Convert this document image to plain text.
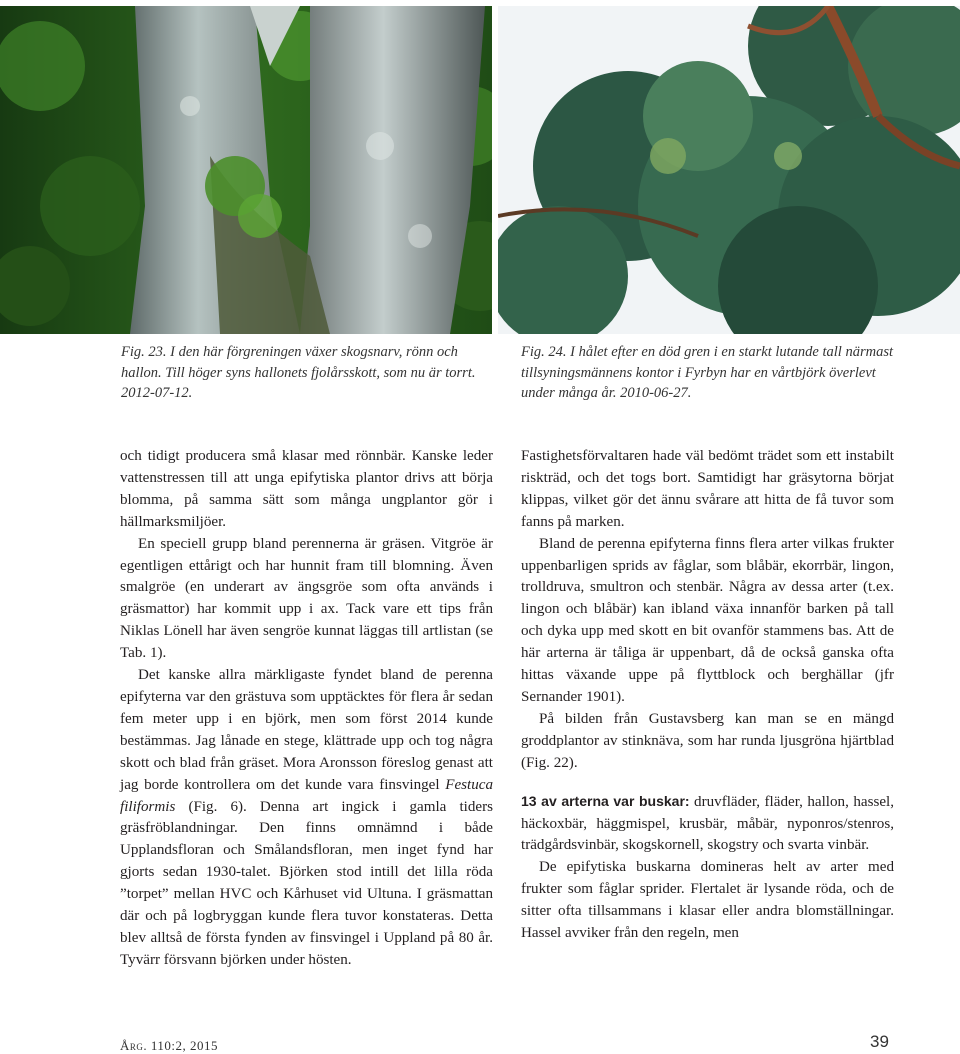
Fig. 23. I den här förgreningen växer skogsnarv, rönn och hallon. Till höger syns hallonets fjolårsskott, som nu är torrt. 2012-07-12.
Fig. 24. I hålet efter en död gren i en starkt lutande tall närmast tillsyningsmännens kontor i Fyrbyn har en vårtbjörk överlevt under många år. 2010-06-27.

och tidigt producera små klasar med rönnbär. Kanske leder vattenstressen till att unga epifytiska plantor drivs att börja blomma, på samma sätt som många ungplantor gör i hällmarksmiljöer.

En speciell grupp bland perennerna är gräsen. Vitgröe är egentligen ettårigt och har hunnit fram till blomning. Även smalgröe (en underart av ängsgröe som ofta används i gräsmattor) har kommit upp i ax. Tack vare ett tips från Niklas Lönell har även sengröe kunnat läggas till artlistan (se Tab. 1).

Det kanske allra märkligaste fyndet bland de perenna epifyterna var den grästuva som upptäcktes för flera år sedan fem meter upp i en björk, men som först 2014 kunde bestämmas. Jag lånade en stege, klättrade upp och tog några skott och blad från gräset. Mora Aronsson föreslog genast att jag borde kontrollera om det kunde vara finsvingel Festuca filiformis (Fig. 6). Denna art ingick i gamla tiders gräsfröblandningar. Den finns omnämnd i både Upplandsfloran och Smålandsfloran, men inget fynd har gjorts sedan 1930-talet. Björken stod intill det lilla röda ”torpet” mellan HVC och Kårhuset vid Ultuna. I gräsmattan där och på logbryggan kunde flera tuvor konstateras. Detta blev alltså de första fynden av finsvingel i Uppland på 80 år. Tyvärr försvann björken under hösten.

Fastighetsförvaltaren hade väl bedömt trädet som ett instabilt riskträd, och det togs bort. Samtidigt har gräsytorna börjat klippas, vilket gör det ännu svårare att hitta de få tuvor som fanns på marken.

Bland de perenna epifyterna finns flera arter vilkas frukter uppenbarligen sprids av fåglar, som blåbär, ekorrbär, lingon, trolldruva, smultron och stenbär. Några av dessa arter (t.ex. lingon och blåbär) kan ibland växa innanför barken på tall och dyka upp med skott en bit ovanför stammens bas. Att de här arterna är tåliga är uppenbart, då de också ganska ofta hittas växande uppe på flyttblock och berghällar (jfr Sernander 1901).

På bilden från Gustavsberg kan man se en mängd groddplantor av stinknäva, som har runda ljusgröna hjärtblad (Fig. 22).

13 av arterna var buskar: druvfläder, fläder, hallon, hassel, häckoxbär, häggmispel, krusbär, måbär, nyponros/stenros, trädgårdsvinbär, skogskornell, skogstry och svarta vinbär.

De epifytiska buskarna domineras helt av arter med frukter som fåglar sprider. Flertalet är lysande röda, och de sitter ofta tillsammans i klasar eller andra blomställningar. Hassel avviker från den regeln, men

Årg. 110:2, 2015	39
